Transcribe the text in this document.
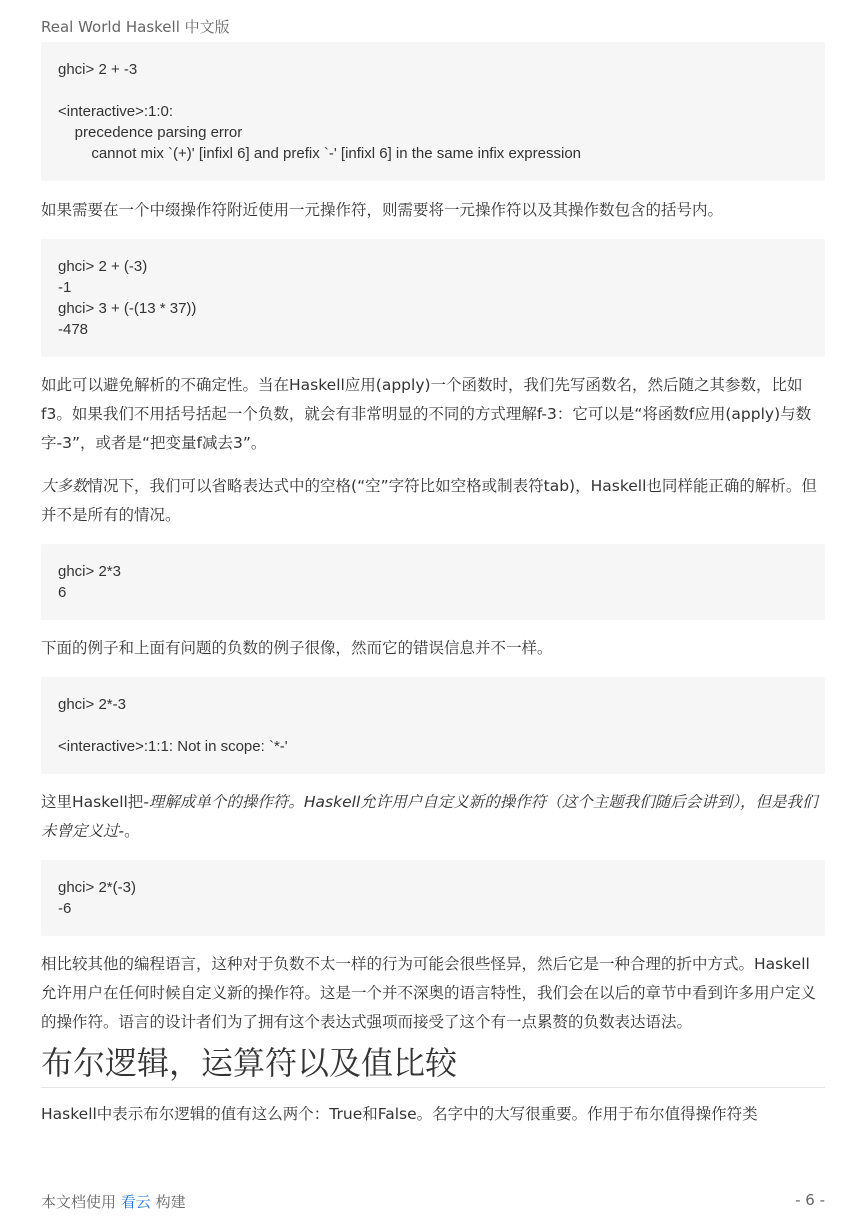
Real World Haskell 中文版
ghci> 2 + -3

<interactive>:1:0:
precedence parsing error
cannot mix `(+)' [infixl 6] and prefix `-' [infixl 6] in the same infix expression

如果需要在一个中缀操作符附近使用一元操作符，则需要将一元操作符以及其操作数包含的括号内。

ghci> 2 + (-3)
-1
ghci> 3 + (-(13 * 37))
-478

如此可以避免解析的不确定性。当在Haskell应用(apply)一个函数时，我们先写函数名，然后随之其参数，比如f3。如果我们不用括号括起一个负数，就会有非常明显的不同的方式理解f-3：它可以是“将函数f应用(apply)与数字-3”，或者是“把变量f减去3”。

大多数情况下，我们可以省略表达式中的空格(“空”字符比如空格或制表符tab)，Haskell也同样能正确的解析。但并不是所有的情况。

ghci> 2*3
6

下面的例子和上面有问题的负数的例子很像，然而它的错误信息并不一样。

ghci> 2*-3

<interactive>:1:1: Not in scope: `*-'

这里Haskell把-理解成单个的操作符。Haskell允许用户自定义新的操作符（这个主题我们随后会讲到），但是我们未曾定义过-。

ghci> 2*(-3)
-6

相比较其他的编程语言，这种对于负数不太一样的行为可能会很些怪异，然后它是一种合理的折中方式。Haskell允许用户在任何时候自定义新的操作符。这是一个并不深奥的语言特性，我们会在以后的章节中看到许多用户定义的操作符。语言的设计者们为了拥有这个表达式强项而接受了这个有一点累赘的负数表达语法。

布尔逻辑，运算符以及值比较

Haskell中表示布尔逻辑的值有这么两个：True和False。名字中的大写很重要。作用于布尔值得操作符类

本文档使用 看云 构建	- 6 -
